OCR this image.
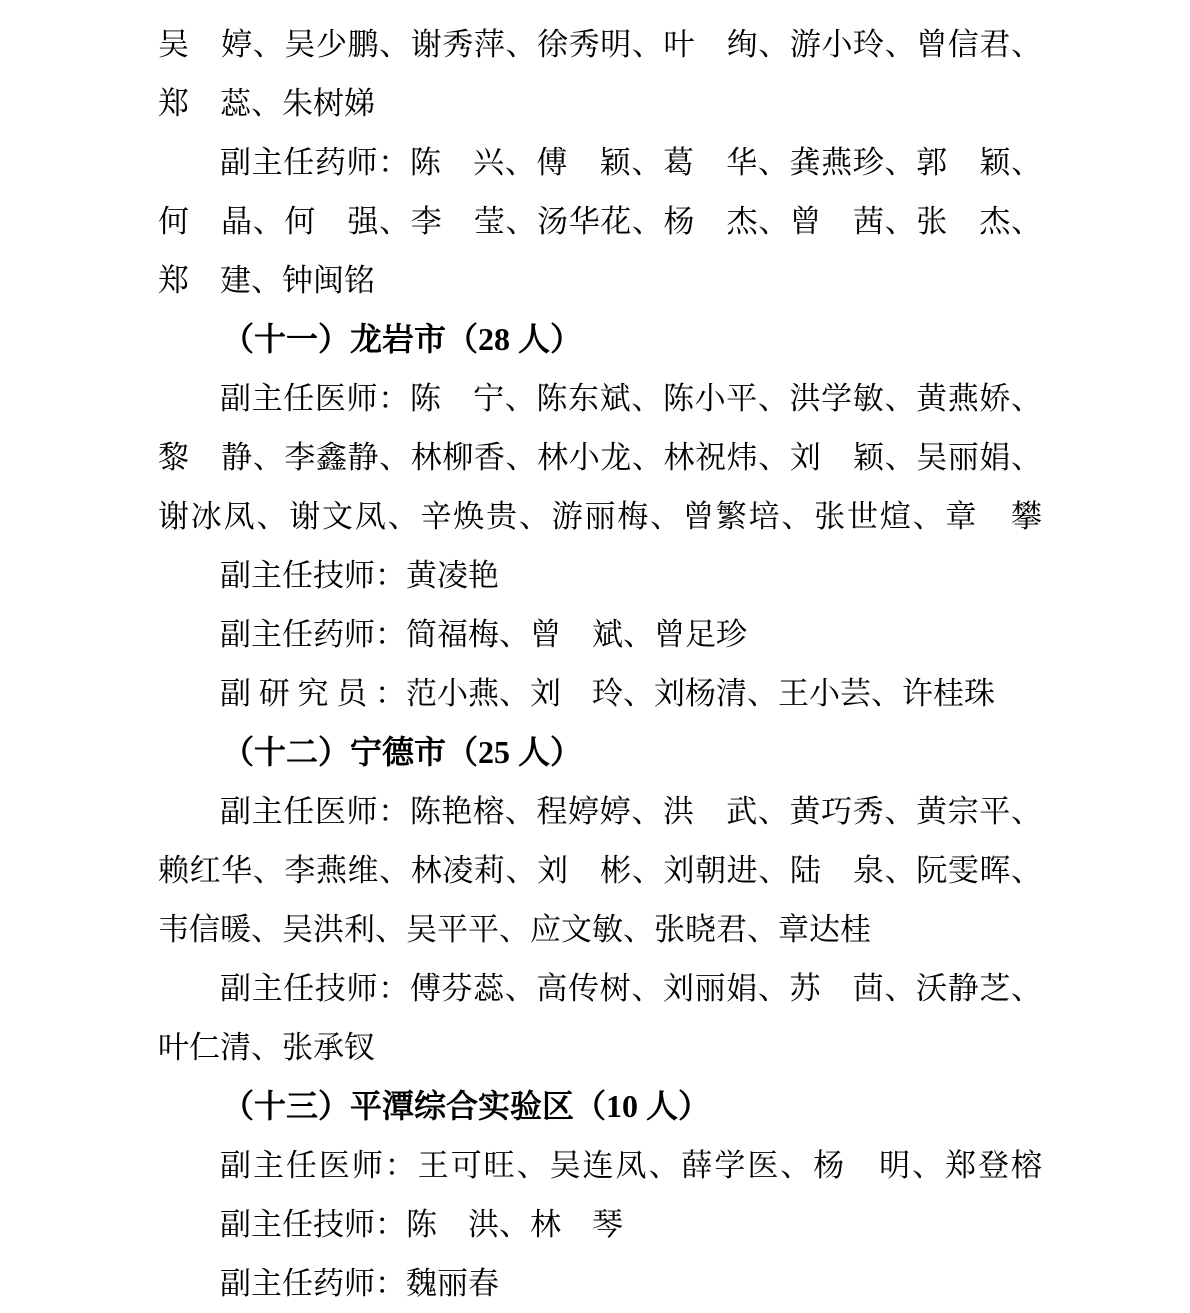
吴　婷、吴少鹏、谢秀萍、徐秀明、叶　绚、游小玲、曾信君、
郑　蕊、朱树娣
副主任药师：陈　兴、傅　颖、葛　华、龚燕珍、郭　颖、
何　晶、何　强、李　莹、汤华花、杨　杰、曾　茜、张　杰、
郑　建、钟闽铭
（十一）龙岩市（28 人）
副主任医师：陈　宁、陈东斌、陈小平、洪学敏、黄燕娇、
黎　静、李鑫静、林柳香、林小龙、林祝炜、刘　颖、吴丽娟、
谢冰凤、谢文凤、辛焕贵、游丽梅、曾繁培、张世煊、章　攀
副主任技师：黄凌艳
副主任药师：简福梅、曾　斌、曾足珍
副研究员：范小燕、刘　玲、刘杨清、王小芸、许桂珠
（十二）宁德市（25 人）
副主任医师：陈艳榕、程婷婷、洪　武、黄巧秀、黄宗平、
赖红华、李燕维、林凌莉、刘　彬、刘朝进、陆　泉、阮雯晖、
韦信暖、吴洪利、吴平平、应文敏、张晓君、章达桂
副主任技师：傅芬蕊、高传树、刘丽娟、苏　茴、沃静芝、
叶仁清、张承钗
（十三）平潭综合实验区（10 人）
副主任医师：王可旺、吴连凤、薛学医、杨　明、郑登榕
副主任技师：陈　洪、林　琴
副主任药师：魏丽春
